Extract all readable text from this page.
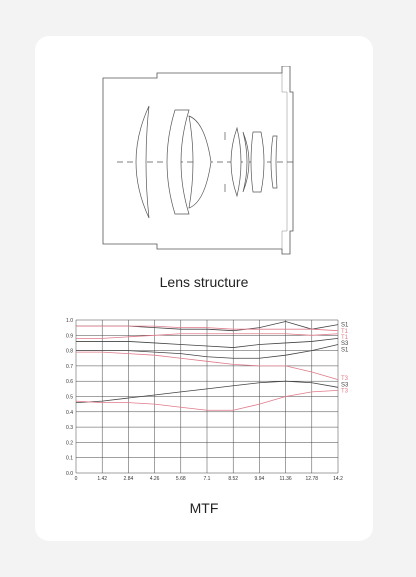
Lens structure
0	1.42	2.84	4.26	5.68	7.1	8.52	9.94	11.36	12.78	14.2
0.0
0.1
0.2
0.3
0.4
0.5
0.6
0.7
0.8
0.9
1.0
S1
T1
T1
S3
S1
T3
S3
T3
MTF
